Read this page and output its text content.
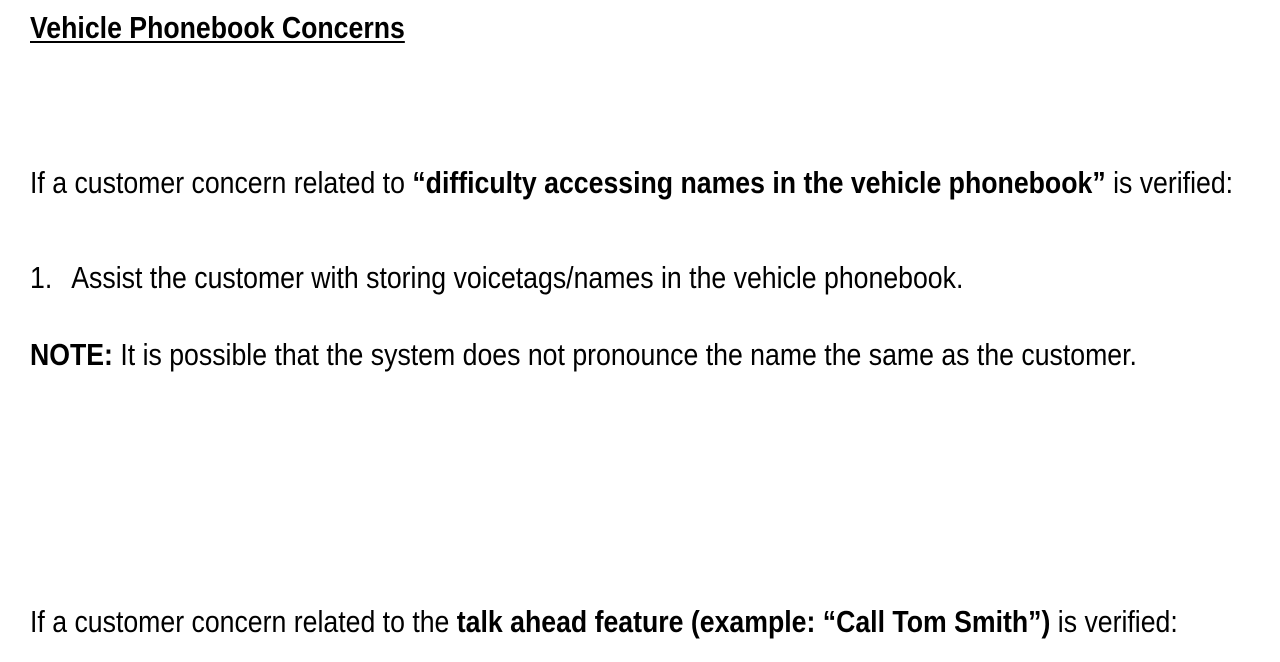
Vehicle Phonebook Concerns
If a customer concern related to “difficulty accessing names in the vehicle phonebook” is verified:
1. Assist the customer with storing voicetags/names in the vehicle phonebook.
NOTE: It is possible that the system does not pronounce the name the same as the customer.
If a customer concern related to the talk ahead feature (example: “Call Tom Smith”) is verified:
